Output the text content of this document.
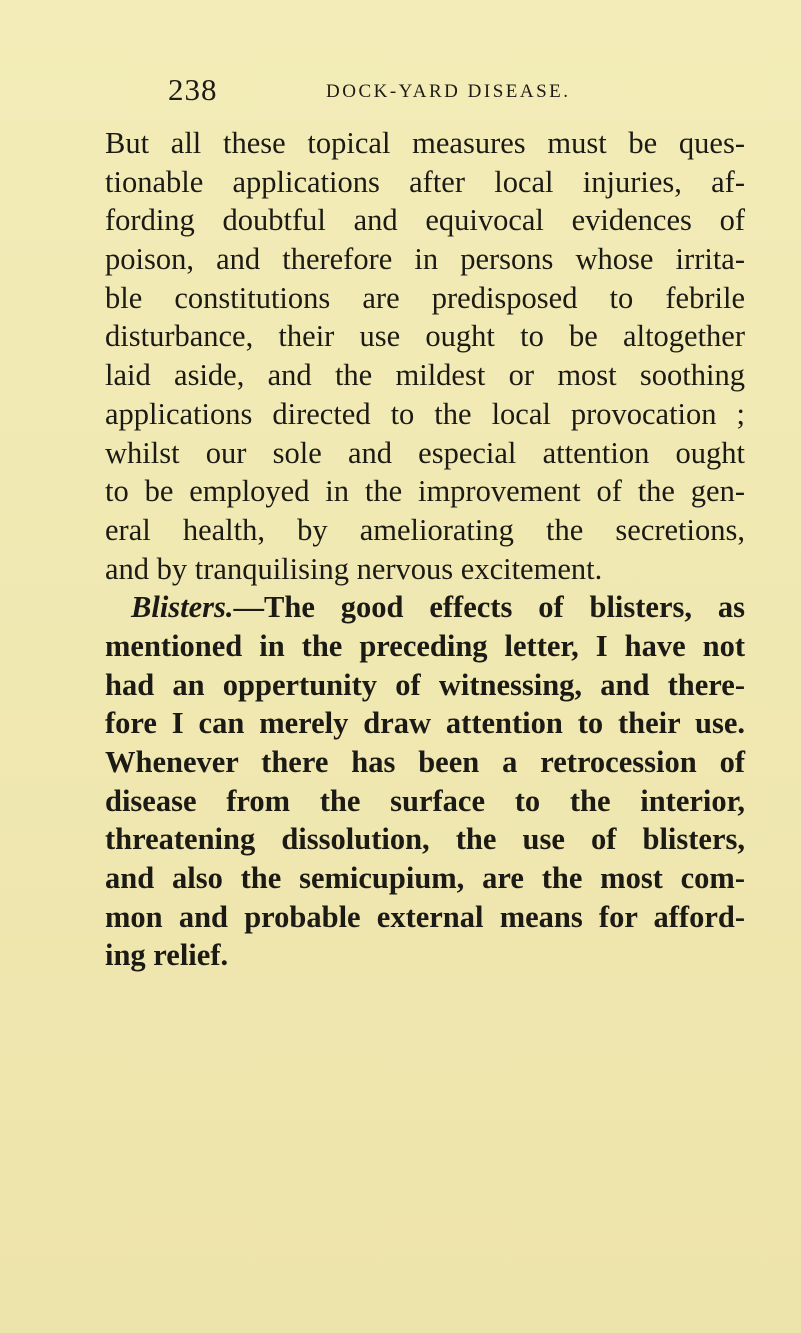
238	DOCK-YARD DISEASE.
But all these topical measures must be ques-
tionable applications after local injuries, af-
fording doubtful and equivocal evidences of
poison, and therefore in persons whose irrita-
ble constitutions are predisposed to febrile
disturbance, their use ought to be altogether
laid aside, and the mildest or most soothing
applications directed to the local provocation ;
whilst our sole and especial attention ought
to be employed in the improvement of the gen-
eral health, by ameliorating the secretions,
and by tranquilising nervous excitement.
Blisters.—The good effects of blisters, as
mentioned in the preceding letter, I have not
had an oppertunity of witnessing, and there-
fore I can merely draw attention to their use.
Whenever there has been a retrocession of
disease from the surface to the interior,
threatening dissolution, the use of blisters,
and also the semicupium, are the most com-
mon and probable external means for afford-
ing relief.
